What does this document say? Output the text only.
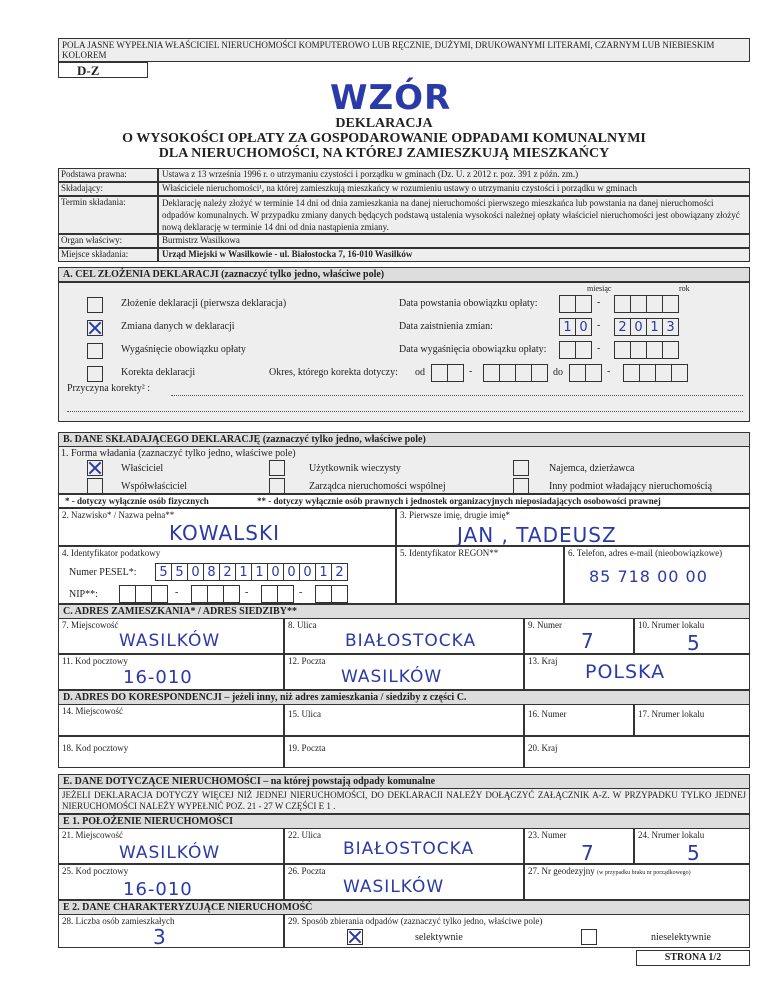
POLA JASNE WYPEŁNIA WŁAŚCICIEL NIERUCHOMOŚCI KOMPUTEROWO LUB RĘCZNIE, DUŻYMI, DRUKOWANYMI LITERAMI, CZARNYM LUB NIEBIESKIM KOLOREM
D-Z
WZÓR
DEKLARACJA
O WYSOKOŚCI OPŁATY ZA GOSPODAROWANIE ODPADAMI KOMUNALNYMI
DLA NIERUCHOMOŚCI, NA KTÓREJ ZAMIESZKUJĄ MIESZKAŃCY
Podstawa prawna:	Ustawa z 13 września 1996 r. o utrzymaniu czystości i porządku w gminach (Dz. U. z 2012 r. poz. 391 z późn. zm.)
Składający:	Właściciele nieruchomości¹, na której zamieszkują mieszkańcy w rozumieniu ustawy o utrzymaniu czystości i porządku w gminach
Termin składania:	Deklarację należy złożyć w terminie 14 dni od dnia zamieszkania na danej nieruchomości pierwszego mieszkańca lub powstania na danej nieruchomości odpadów komunalnych. W przypadku zmiany danych będących podstawą ustalenia wysokości należnej opłaty właściciel nieruchomości jest obowiązany złożyć nową deklarację w terminie 14 dni od dnia nastąpienia zmiany.
Organ właściwy:	Burmistrz Wasilkowa
Miejsce składania:	Urząd Miejski w Wasilkowie - ul. Białostocka 7, 16-010 Wasilków
A. CEL ZŁOŻENIA DEKLARACJI (zaznaczyć tylko jedno, właściwe pole)
miesiąc	rok
Złożenie deklaracji (pierwsza deklaracja)	Data powstania obowiązku opłaty:	-
Zmiana danych w deklaracji	Data zaistnienia zmian:	1 0 -	2 0 1 3
Wygaśnięcie obowiązku opłaty	Data wygaśnięcia obowiązku opłaty:	-
Korekta deklaracji	Okres, którego korekta dotyczy: od	-	do	-
Przyczyna korekty² :
B. DANE SKŁADAJĄCEGO DEKLARACJĘ (zaznaczyć tylko jedno, właściwe pole)
1. Forma władania (zaznaczyć tylko jedno, właściwe pole)
Właściciel	Użytkownik wieczysty	Najemca, dzierżawca
Współwłaściciel	Zarządca nieruchomości wspólnej	Inny podmiot władający nieruchomością
* - dotyczy wyłącznie osób fizycznych	** - dotyczy wyłącznie osób prawnych i jednostek organizacyjnych nieposiadających osobowości prawnej
2. Nazwisko* / Nazwa pełna**
KOWALSKI
3. Pierwsze imię, drugie imię*
JAN , TADEUSZ
4. Identyfikator podatkowy
Numer PESEL*:	5 5 0 8 2 1 1 0 0 0 1 2
NIP**:	-	-	-
5. Identyfikator REGON**	6. Telefon, adres e-mail (nieobowiązkowe)
85 718 00 00
C. ADRES ZAMIESZKANIA* / ADRES SIEDZIBY**
7. Miejscowość
WASILKÓW
8. Ulica
BIAŁOSTOCKA
9. Numer
7
10. Nrumer lokalu
5
11. Kod pocztowy
16-010
12. Poczta
WASILKÓW
13. Kraj POLSKA
D. ADRES DO KORESPONDENCJI – jeżeli inny, niż adres zamieszkania / siedziby z części C.
14. Miejscowość	15. Ulica	16. Numer	17. Nrumer lokalu
18. Kod pocztowy	19. Poczta	20. Kraj
E. DANE DOTYCZĄCE NIERUCHOMOŚCI – na której powstają odpady komunalne
JEŻELI DEKLARACJA DOTYCZY WIĘCEJ NIŻ JEDNEJ NIERUCHOMOŚCI, DO DEKLARACJI NALEŻY DOŁĄCZYĆ ZAŁĄCZNIK A-Z. W PRZYPADKU TYLKO JEDNEJ NIERUCHOMOŚCI NALEŻY WYPEŁNIĆ POZ. 21 - 27 W CZĘŚCI E 1 .
E 1. POŁOŻENIE NIERUCHOMOŚCI
21. Miejscowość
WASILKÓW
22. Ulica
BIAŁOSTOCKA
23. Numer
7
24. Nrumer lokalu
5
25. Kod pocztowy
16-010
26. Poczta
WASILKÓW
27. Nr geodezyjny (w przypadku braku nr porządkowego)
E 2. DANE CHARAKTERYZUJĄCE NIERUCHOMOŚĆ
28. Liczba osób zamieszkałych
3
29. Sposób zbierania odpadów (zaznaczyć tylko jedno, właściwe pole)
selektywnie	nieselektywnie
STRONA 1/2
